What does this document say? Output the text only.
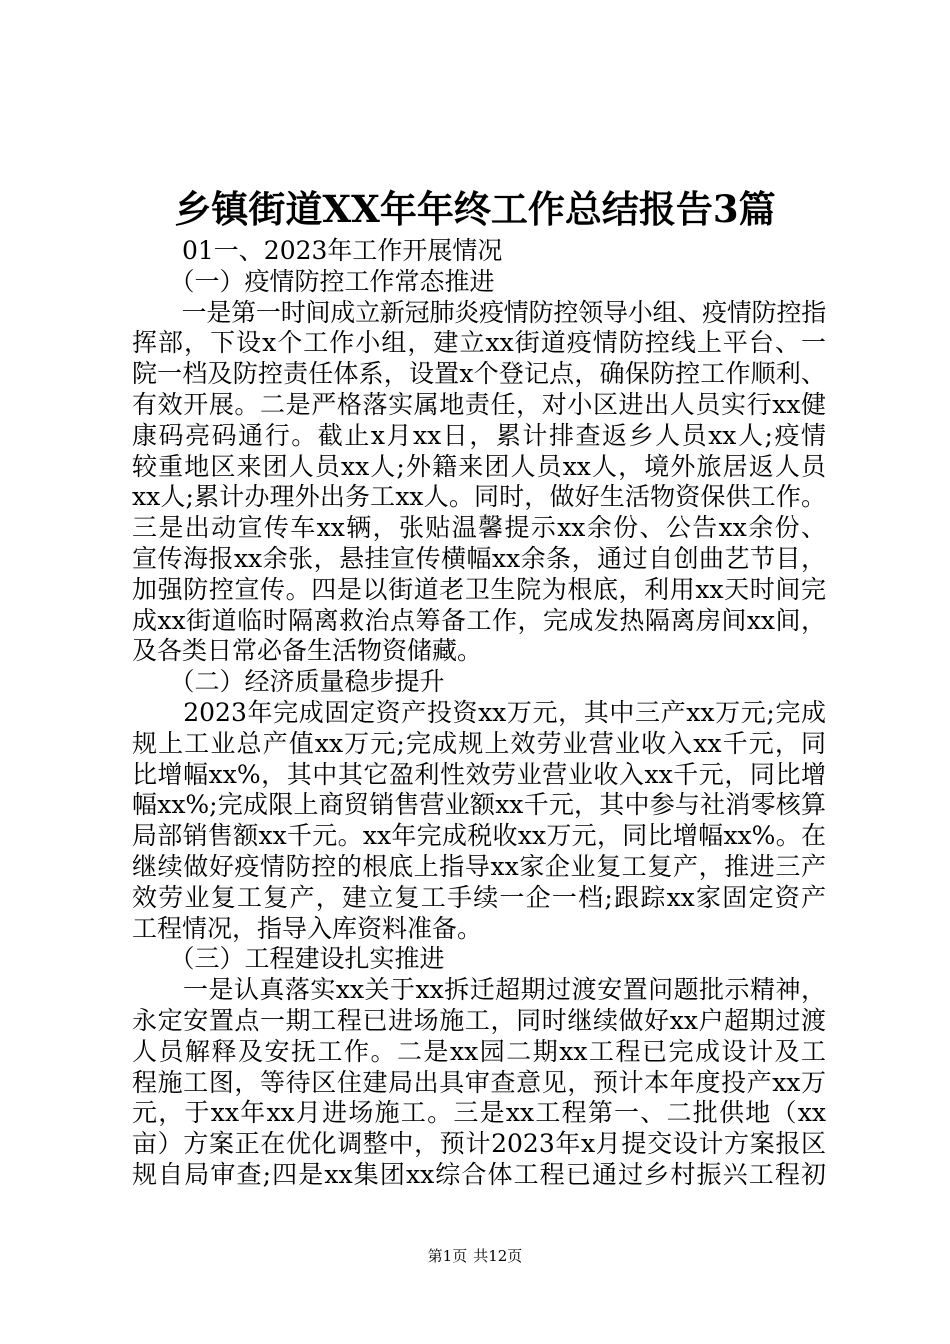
乡镇街道XX年年终工作总结报告3篇
　　01一、2023年工作开展情况
　　（一）疫情防控工作常态推进
　　一是第一时间成立新冠肺炎疫情防控领导小组、疫情防控指
挥部，下设x个工作小组，建立xx街道疫情防控线上平台、一
院一档及防控责任体系，设置x个登记点，确保防控工作顺利、
有效开展。二是严格落实属地责任，对小区进出人员实行xx健
康码亮码通行。截止x月xx日，累计排查返乡人员xx人;疫情
较重地区来团人员xx人;外籍来团人员xx人，境外旅居返人员
xx人;累计办理外出务工xx人。同时，做好生活物资保供工作。
三是出动宣传车xx辆，张贴温馨提示xx余份、公告xx余份、
宣传海报xx余张，悬挂宣传横幅xx余条，通过自创曲艺节目，
加强防控宣传。四是以街道老卫生院为根底，利用xx天时间完
成xx街道临时隔离救治点筹备工作，完成发热隔离房间xx间，
及各类日常必备生活物资储藏。
　　（二）经济质量稳步提升
　　2023年完成固定资产投资xx万元，其中三产xx万元;完成
规上工业总产值xx万元;完成规上效劳业营业收入xx千元，同
比增幅xx%，其中其它盈利性效劳业营业收入xx千元，同比增
幅xx%;完成限上商贸销售营业额xx千元，其中参与社消零核算
局部销售额xx千元。xx年完成税收xx万元，同比增幅xx%。在
继续做好疫情防控的根底上指导xx家企业复工复产，推进三产
效劳业复工复产，建立复工手续一企一档;跟踪xx家固定资产
工程情况，指导入库资料准备。
　　（三）工程建设扎实推进
　　一是认真落实xx关于xx拆迁超期过渡安置问题批示精神，
永定安置点一期工程已进场施工，同时继续做好xx户超期过渡
人员解释及安抚工作。二是xx园二期xx工程已完成设计及工
程施工图，等待区住建局出具审查意见，预计本年度投产xx万
元，于xx年xx月进场施工。三是xx工程第一、二批供地（xx
亩）方案正在优化调整中，预计2023年x月提交设计方案报区
规自局审查;四是xx集团xx综合体工程已通过乡村振兴工程初
第1页 共12页
